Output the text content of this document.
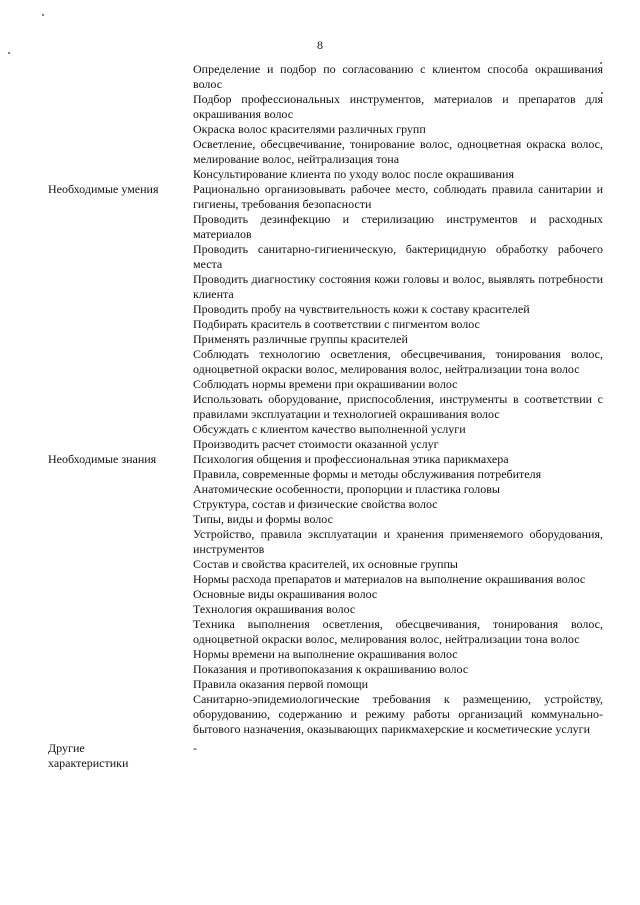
8
Определение и подбор по согласованию с клиентом способа окрашивания волос
Подбор профессиональных инструментов, материалов и препаратов для окрашивания волос
Окраска волос красителями различных групп
Осветление, обесцвечивание, тонирование волос, одноцветная окраска волос, мелирование волос, нейтрализация тона
Консультирование клиента по уходу волос после окрашивания
Необходимые умения	Рационально организовывать рабочее место, соблюдать правила санитарии и гигиены, требования безопасности
Проводить дезинфекцию и стерилизацию инструментов и расходных материалов
Проводить санитарно-гигиеническую, бактерицидную обработку рабочего места
Проводить диагностику состояния кожи головы и волос, выявлять потребности клиента
Проводить пробу на чувствительность кожи к составу красителей
Подбирать краситель в соответствии с пигментом волос
Применять различные группы красителей
Соблюдать технологию осветления, обесцвечивания, тонирования волос, одноцветной окраски волос, мелирования волос, нейтрализации тона волос
Соблюдать нормы времени при окрашивании волос
Использовать оборудование, приспособления, инструменты в соответствии с правилами эксплуатации и технологией окрашивания волос
Обсуждать с клиентом качество выполненной услуги
Производить расчет стоимости оказанной услуг
Необходимые знания	Психология общения и профессиональная этика парикмахера
Правила, современные формы и методы обслуживания потребителя
Анатомические особенности, пропорции и пластика головы
Структура, состав и физические свойства волос
Типы, виды и формы волос
Устройство, правила эксплуатации и хранения применяемого оборудования, инструментов
Состав и свойства красителей, их основные группы
Нормы расхода препаратов и материалов на выполнение окрашивания волос
Основные виды окрашивания волос
Технология окрашивания волос
Техника выполнения осветления, обесцвечивания, тонирования волос, одноцветной окраски волос, мелирования волос, нейтрализации тона волос
Нормы времени на выполнение окрашивания волос
Показания и противопоказания к окрашиванию волос
Правила оказания первой помощи
Санитарно-эпидемиологические требования к размещению, устройству, оборудованию, содержанию и режиму работы организаций коммунально-бытового назначения, оказывающих парикмахерские и косметические услуги
Другие характеристики
-
